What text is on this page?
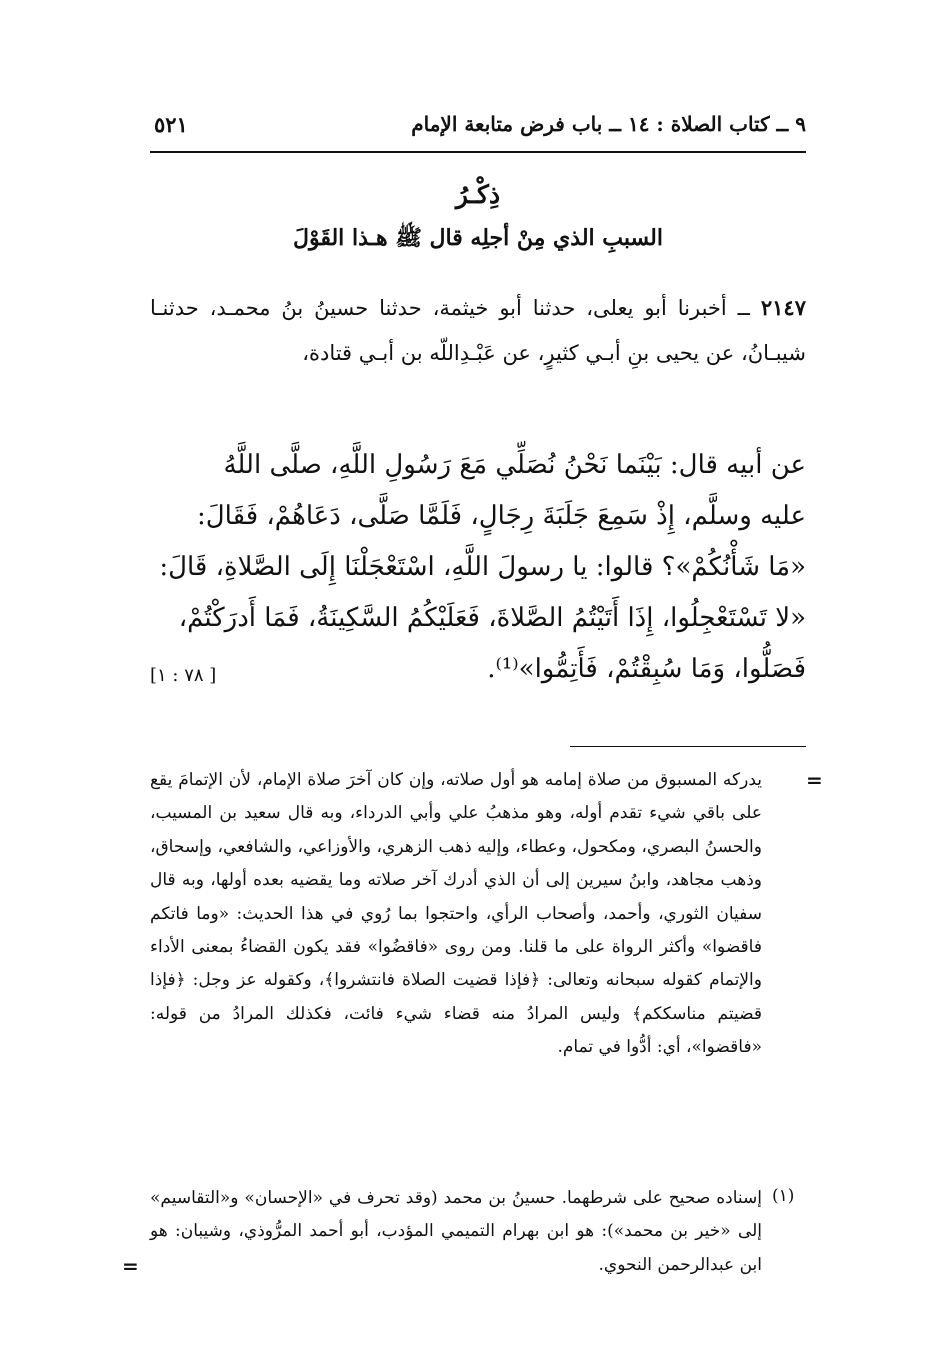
٩ ــ كتاب الصلاة : ١٤ ــ باب فرض متابعة الإمام
٥٢١
ذِكْـرُ
السببِ الذي مِنْ أجلِه قال ﷺ هـذا القَوْلَ
٢١٤٧ ــ أخبرنا أبو يعلى، حدثنا أبو خيثمة، حدثنا حسينُ بنُ محمـد، حدثنـا شيبـانُ، عن يحيى بنِ أبـي كثيرٍ، عن عَبْـدِاللّه بن أبـي قتادة،
عن أبيه قال: بَيْنَما نَحْنُ نُصَلِّي مَعَ رَسُولِ اللَّهِ، صلَّى اللَّهُ
عليه وسلَّم، إِذْ سَمِعَ جَلَبَةَ رِجَالٍ، فَلَمَّا صَلَّى، دَعَاهُمْ، فَقَالَ:
«مَا شَأْنُكُمْ»؟ قالوا: يا رسولَ اللَّهِ، اسْتَعْجَلْنَا إِلَى الصَّلاةِ، قَالَ:
«لا تَسْتَعْجِلُوا، إِذَا أَتَيْتُمُ الصَّلاةَ، فَعَلَيْكُمُ السَّكِينَةُ، فَمَا أَدرَكْتُمْ،
فَصَلُّوا، وَمَا سُبِقْتُمْ، فَأَتِمُّوا»⁽¹⁾.
[٧٨ : ١ ]
=
يدركه المسبوق من صلاة إمامه هو أول صلاته، وإن كان آخرَ صلاة الإمام، لأن الإتمامَ يقع على باقي شيء تقدم أوله، وهو مذهبُ علي وأبي الدرداء، وبه قال سعيد بن المسيب، والحسنُ البصري، ومكحول، وعطاء، وإليه ذهب الزهري، والأوزاعي، والشافعي، وإسحاق، وذهب مجاهد، وابنُ سيرين إلى أن الذي أدرك آخر صلاته وما يقضيه بعده أولها، وبه قال سفيان الثوري، وأحمد، وأصحاب الرأي، واحتجوا بما رُوي في هذا الحديث: «وما فاتكم فاقضوا» وأكثر الرواة على ما قلنا. ومن روى «فاقضُوا» فقد يكون القضاءُ بمعنى الأداء والإتمام كقوله سبحانه وتعالى: ﴿فإذا قضيت الصلاة فانتشروا﴾، وكقوله عز وجل: ﴿فإذا قضيتم مناسككم﴾ وليس المرادُ منه قضاء شيء فائت، فكذلك المرادُ من قوله: «فاقضوا»، أي: أدُّوا في تمام.
(١)
إسناده صحيح على شرطهما. حسينُ بن محمد (وقد تحرف في «الإحسان» و«التقاسيم» إلى «خير بن محمد»): هو ابن بهرام التميمي المؤدب، أبو أحمد المرُّوذي، وشيبان: هو ابن عبدالرحمن النحوي.
=
